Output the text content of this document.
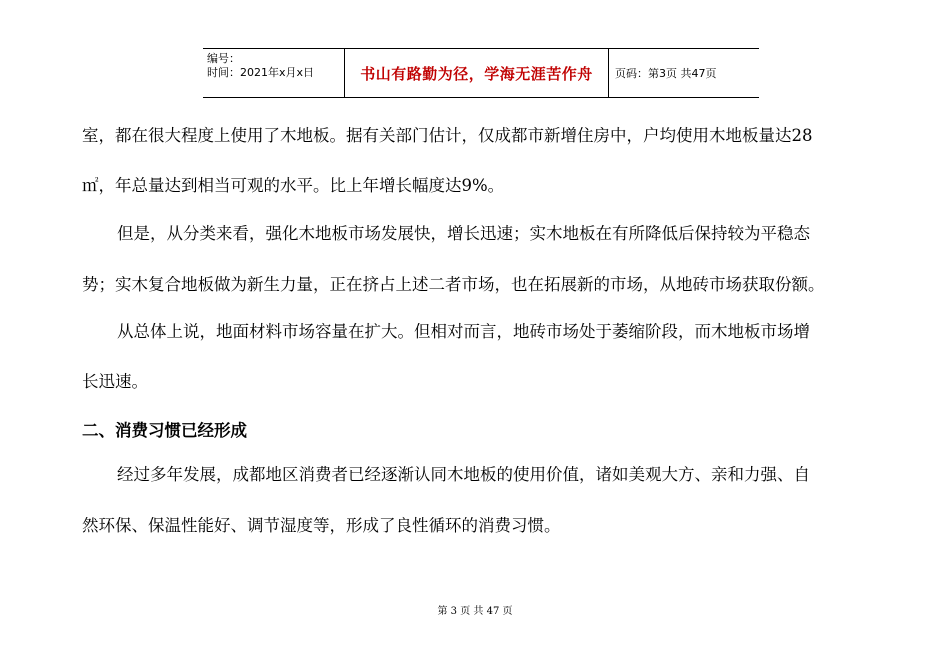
编号：
时间：2021年x月x日	书山有路勤为径，学海无涯苦作舟 页码：第3页 共47页

室，都在很大程度上使用了木地板。据有关部门估计，仅成都市新增住房中，户均使用木地板量达28

㎡，年总量达到相当可观的水平。比上年增长幅度达9%。

但是，从分类来看，强化木地板市场发展快，增长迅速；实木地板在有所降低后保持较为平稳态

势；实木复合地板做为新生力量，正在挤占上述二者市场，也在拓展新的市场，从地砖市场获取份额。

从总体上说，地面材料市场容量在扩大。但相对而言，地砖市场处于萎缩阶段，而木地板市场增

长迅速。

二、消费习惯已经形成

经过多年发展，成都地区消费者已经逐渐认同木地板的使用价值，诸如美观大方、亲和力强、自

然环保、保温性能好、调节湿度等，形成了良性循环的消费习惯。

第 3 页 共 47 页
